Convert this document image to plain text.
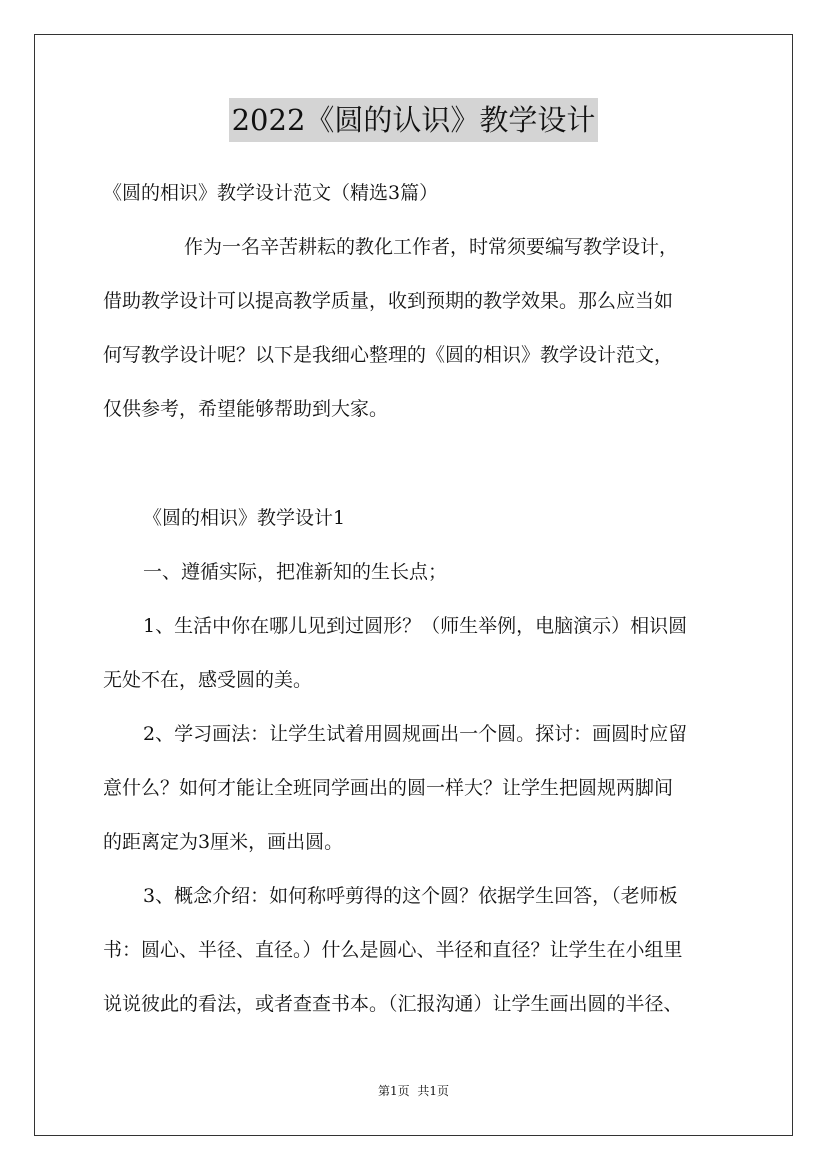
2022《圆的认识》教学设计
《圆的相识》教学设计范文（精选3篇）
作为一名辛苦耕耘的教化工作者，时常须要编写教学设计，
借助教学设计可以提高教学质量，收到预期的教学效果。那么应当如
何写教学设计呢？以下是我细心整理的《圆的相识》教学设计范文，
仅供参考，希望能够帮助到大家。
《圆的相识》教学设计1
一、遵循实际，把准新知的生长点；
1、生活中你在哪儿见到过圆形？（师生举例，电脑演示）相识圆
无处不在，感受圆的美。
2、学习画法：让学生试着用圆规画出一个圆。探讨：画圆时应留
意什么？如何才能让全班同学画出的圆一样大？让学生把圆规两脚间
的距离定为3厘米，画出圆。
3、概念介绍：如何称呼剪得的这个圆？依据学生回答，（老师板
书：圆心、半径、直径。）什么是圆心、半径和直径？让学生在小组里
说说彼此的看法，或者查查书本。（汇报沟通）让学生画出圆的半径、
第1页 共1页
